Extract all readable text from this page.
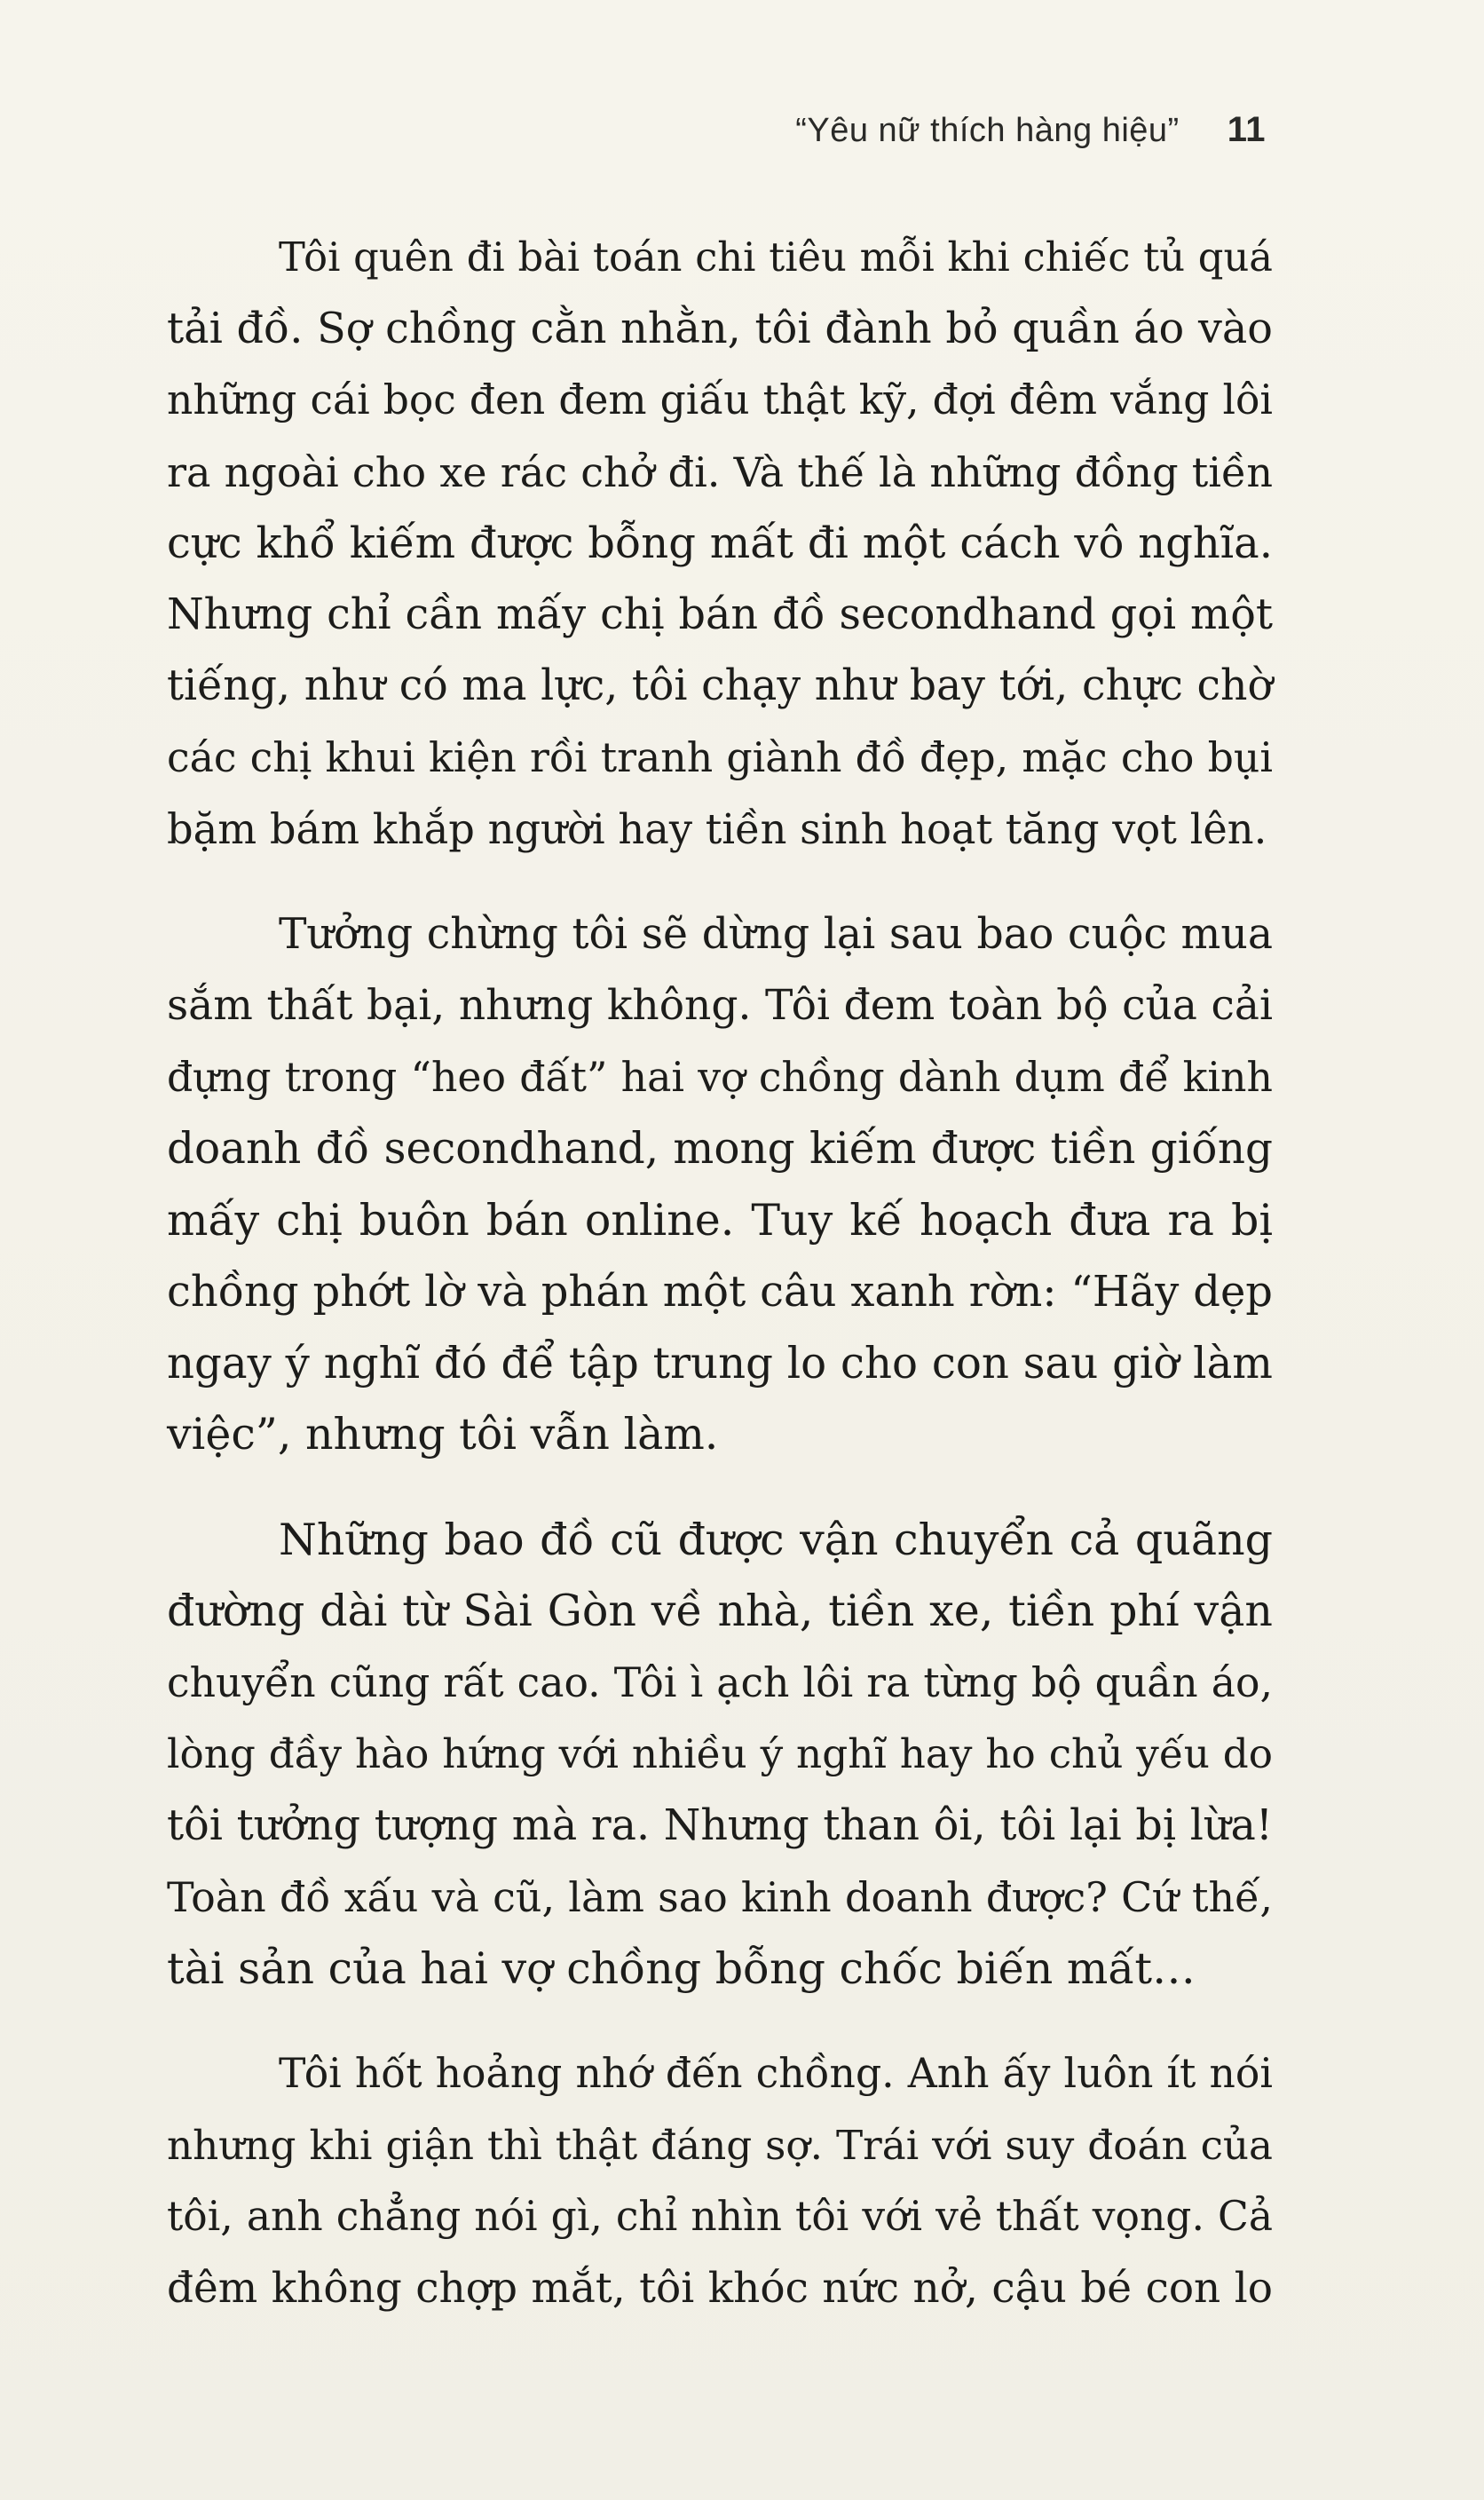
“Yêu nữ thích hàng hiệu” 11
Tôi quên đi bài toán chi tiêu mỗi khi chiếc tủ quá
tải đồ. Sợ chồng cằn nhằn, tôi đành bỏ quần áo vào
những cái bọc đen đem giấu thật kỹ, đợi đêm vắng lôi
ra ngoài cho xe rác chở đi. Và thế là những đồng tiền
cực khổ kiếm được bỗng mất đi một cách vô nghĩa.
Nhưng chỉ cần mấy chị bán đồ secondhand gọi một
tiếng, như có ma lực, tôi chạy như bay tới, chực chờ
các chị khui kiện rồi tranh giành đồ đẹp, mặc cho bụi
bặm bám khắp người hay tiền sinh hoạt tăng vọt lên.
Tưởng chừng tôi sẽ dừng lại sau bao cuộc mua
sắm thất bại, nhưng không. Tôi đem toàn bộ của cải
đựng trong “heo đất” hai vợ chồng dành dụm để kinh
doanh đồ secondhand, mong kiếm được tiền giống
mấy chị buôn bán online. Tuy kế hoạch đưa ra bị
chồng phớt lờ và phán một câu xanh rờn: “Hãy dẹp
ngay ý nghĩ đó để tập trung lo cho con sau giờ làm
việc”, nhưng tôi vẫn làm.
Những bao đồ cũ được vận chuyển cả quãng
đường dài từ Sài Gòn về nhà, tiền xe, tiền phí vận
chuyển cũng rất cao. Tôi ì ạch lôi ra từng bộ quần áo,
lòng đầy hào hứng với nhiều ý nghĩ hay ho chủ yếu do
tôi tưởng tượng mà ra. Nhưng than ôi, tôi lại bị lừa!
Toàn đồ xấu và cũ, làm sao kinh doanh được? Cứ thế,
tài sản của hai vợ chồng bỗng chốc biến mất…
Tôi hốt hoảng nhớ đến chồng. Anh ấy luôn ít nói
nhưng khi giận thì thật đáng sợ. Trái với suy đoán của
tôi, anh chẳng nói gì, chỉ nhìn tôi với vẻ thất vọng. Cả
đêm không chợp mắt, tôi khóc nức nở, cậu bé con lo
